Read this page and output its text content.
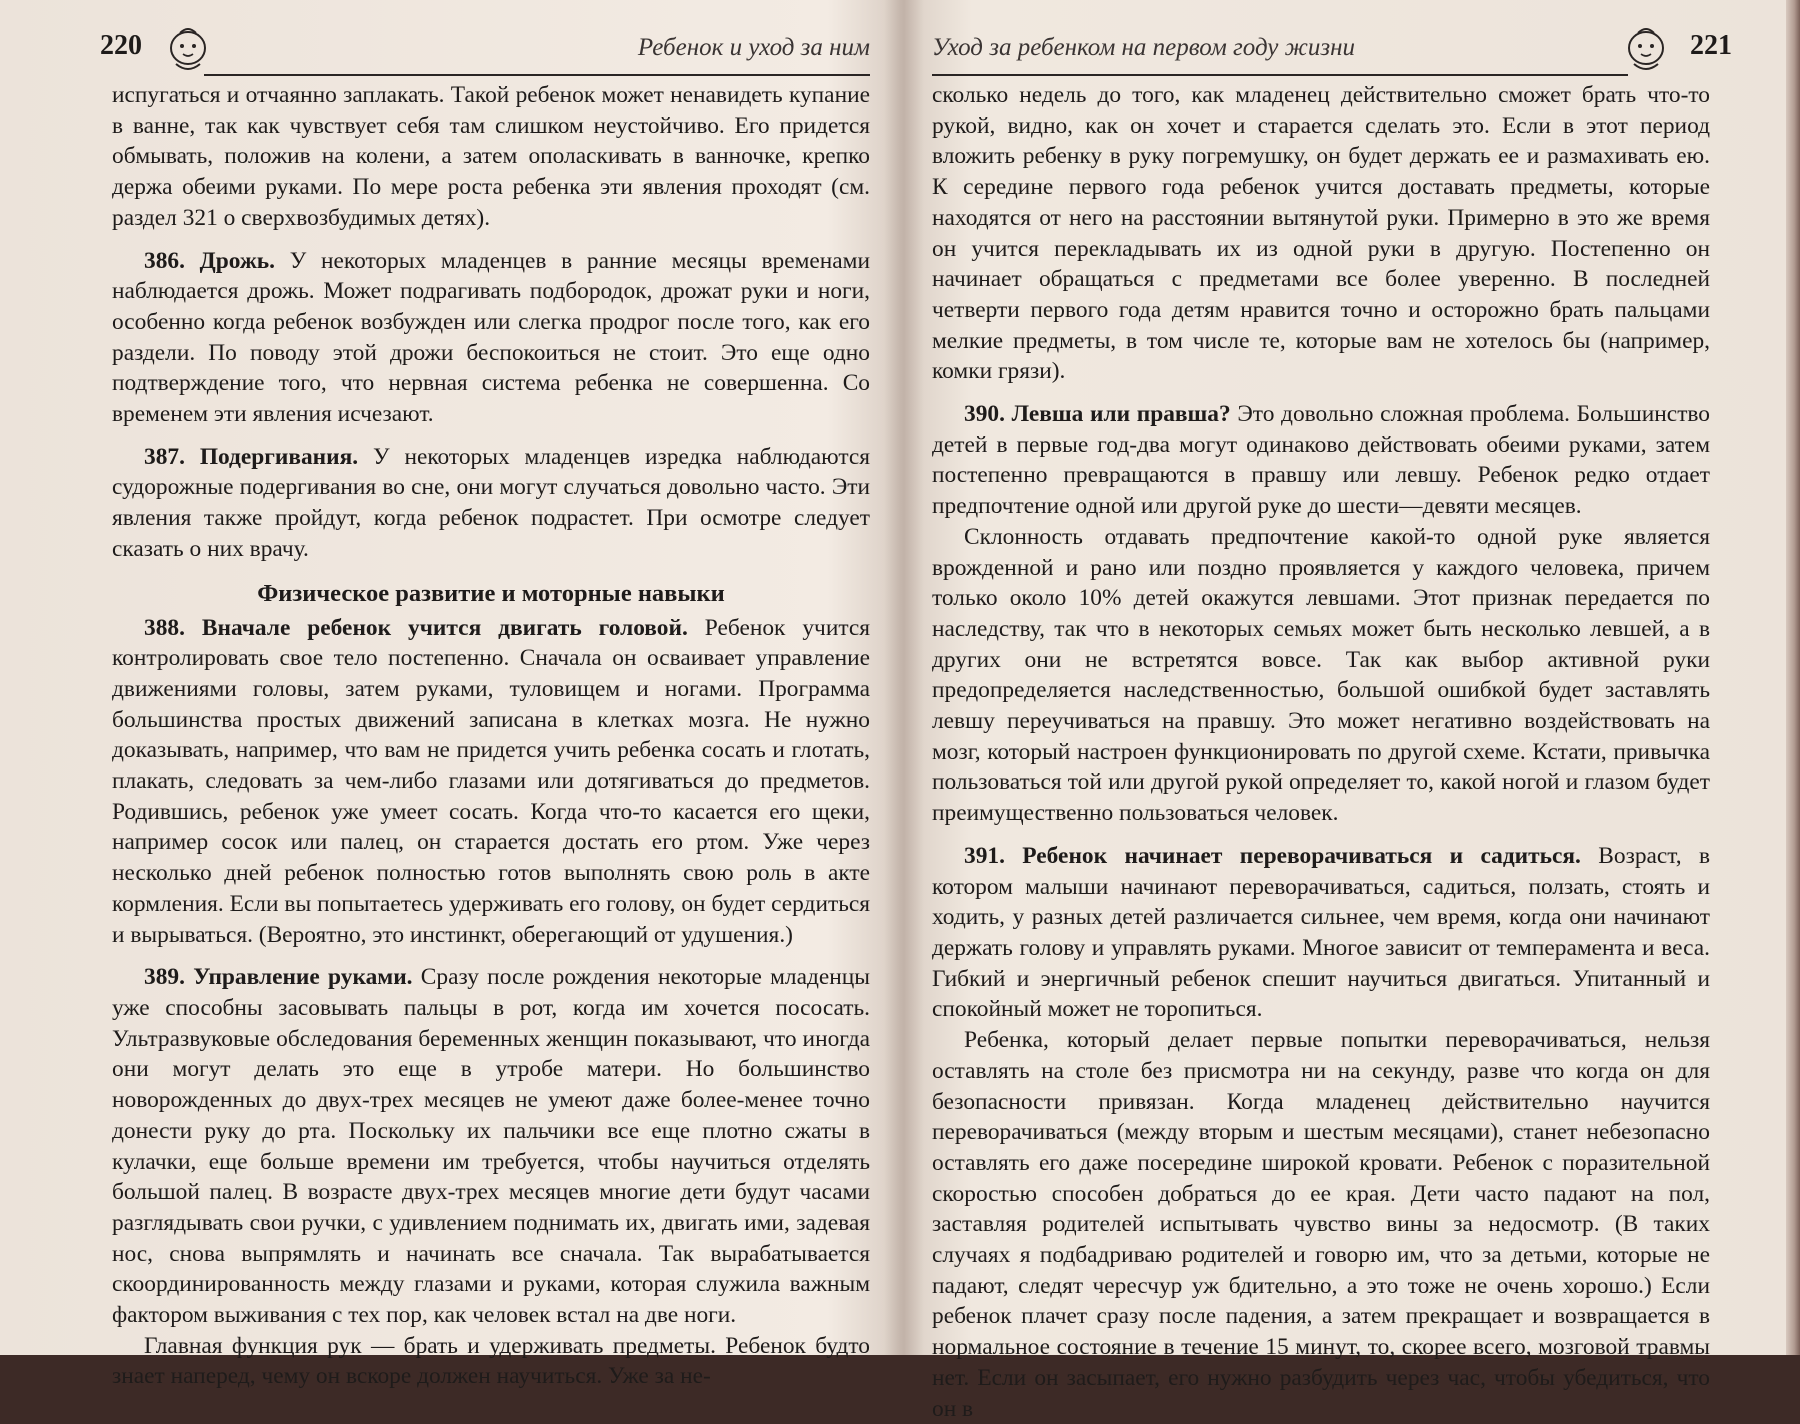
220	Ребенок и уход за ним

испугаться и отчаянно заплакать. Такой ребенок может ненавидеть купание в ванне, так как чувствует себя там слишком неустойчиво. Его придется обмывать, положив на колени, а затем ополаскивать в ванночке, крепко держа обеими руками. По мере роста ребенка эти явления проходят (см. раздел 321 о сверхвозбудимых детях).

386. Дрожь. У некоторых младенцев в ранние месяцы временами наблюдается дрожь. Может подрагивать подбородок, дрожат руки и ноги, особенно когда ребенок возбужден или слегка продрог после того, как его раздели. По поводу этой дрожи беспокоиться не стоит. Это еще одно подтверждение того, что нервная система ребенка не совершенна. Со временем эти явления исчезают.

387. Подергивания. У некоторых младенцев изредка наблюдаются судорожные подергивания во сне, они могут случаться довольно часто. Эти явления также пройдут, когда ребенок подрастет. При осмотре следует сказать о них врачу.

Физическое развитие и моторные навыки

388. Вначале ребенок учится двигать головой. Ребенок учится контролировать свое тело постепенно. Сначала он осваивает управление движениями головы, затем руками, туловищем и ногами. Программа большинства простых движений записана в клетках мозга. Не нужно доказывать, например, что вам не придется учить ребенка сосать и глотать, плакать, следовать за чем-либо глазами или дотягиваться до предметов. Родившись, ребенок уже умеет сосать. Когда что-то касается его щеки, например сосок или палец, он старается достать его ртом. Уже через несколько дней ребенок полностью готов выполнять свою роль в акте кормления. Если вы попытаетесь удерживать его голову, он будет сердиться и вырываться. (Вероятно, это инстинкт, оберегающий от удушения.)

389. Управление руками. Сразу после рождения некоторые младенцы уже способны засовывать пальцы в рот, когда им хочется пососать. Ультразвуковые обследования беременных женщин показывают, что иногда они могут делать это еще в утробе матери. Но большинство новорожденных до двух-трех месяцев не умеют даже более-менее точно донести руку до рта. Поскольку их пальчики все еще плотно сжаты в кулачки, еще больше времени им требуется, чтобы научиться отделять большой палец. В возрасте двух-трех месяцев многие дети будут часами разглядывать свои ручки, с удивлением поднимать их, двигать ими, задевая нос, снова выпрямлять и начинать все сначала. Так вырабатывается скоординированность между глазами и руками, которая служила важным фактором выживания с тех пор, как человек встал на две ноги.

Главная функция рук — брать и удерживать предметы. Ребенок будто знает наперед, чему он вскоре должен научиться. Уже за не-

Уход за ребенком на первом году жизни	221

сколько недель до того, как младенец действительно сможет брать что-то рукой, видно, как он хочет и старается сделать это. Если в этот период вложить ребенку в руку погремушку, он будет держать ее и размахивать ею. К середине первого года ребенок учится доставать предметы, которые находятся от него на расстоянии вытянутой руки. Примерно в это же время он учится перекладывать их из одной руки в другую. Постепенно он начинает обращаться с предметами все более уверенно. В последней четверти первого года детям нравится точно и осторожно брать пальцами мелкие предметы, в том числе те, которые вам не хотелось бы (например, комки грязи).

390. Левша или правша? Это довольно сложная проблема. Большинство детей в первые год-два могут одинаково действовать обеими руками, затем постепенно превращаются в правшу или левшу. Ребенок редко отдает предпочтение одной или другой руке до шести—девяти месяцев.

Склонность отдавать предпочтение какой-то одной руке является врожденной и рано или поздно проявляется у каждого человека, причем только около 10% детей окажутся левшами. Этот признак передается по наследству, так что в некоторых семьях может быть несколько левшей, а в других они не встретятся вовсе. Так как выбор активной руки предопределяется наследственностью, большой ошибкой будет заставлять левшу переучиваться на правшу. Это может негативно воздействовать на мозг, который настроен функционировать по другой схеме. Кстати, привычка пользоваться той или другой рукой определяет то, какой ногой и глазом будет преимущественно пользоваться человек.

391. Ребенок начинает переворачиваться и садиться. Возраст, в котором малыши начинают переворачиваться, садиться, ползать, стоять и ходить, у разных детей различается сильнее, чем время, когда они начинают держать голову и управлять руками. Многое зависит от темперамента и веса. Гибкий и энергичный ребенок спешит научиться двигаться. Упитанный и спокойный может не торопиться.

Ребенка, который делает первые попытки переворачиваться, нельзя оставлять на столе без присмотра ни на секунду, разве что когда он для безопасности привязан. Когда младенец действительно научится переворачиваться (между вторым и шестым месяцами), станет небезопасно оставлять его даже посередине широкой кровати. Ребенок с поразительной скоростью способен добраться до ее края. Дети часто падают на пол, заставляя родителей испытывать чувство вины за недосмотр. (В таких случаях я подбадриваю родителей и говорю им, что за детьми, которые не падают, следят чересчур уж бдительно, а это тоже не очень хорошо.) Если ребенок плачет сразу после падения, а затем прекращает и возвращается в нормальное состояние в течение 15 минут, то, скорее всего, мозговой травмы нет. Если он засыпает, его нужно разбудить через час, чтобы убедиться, что он в
